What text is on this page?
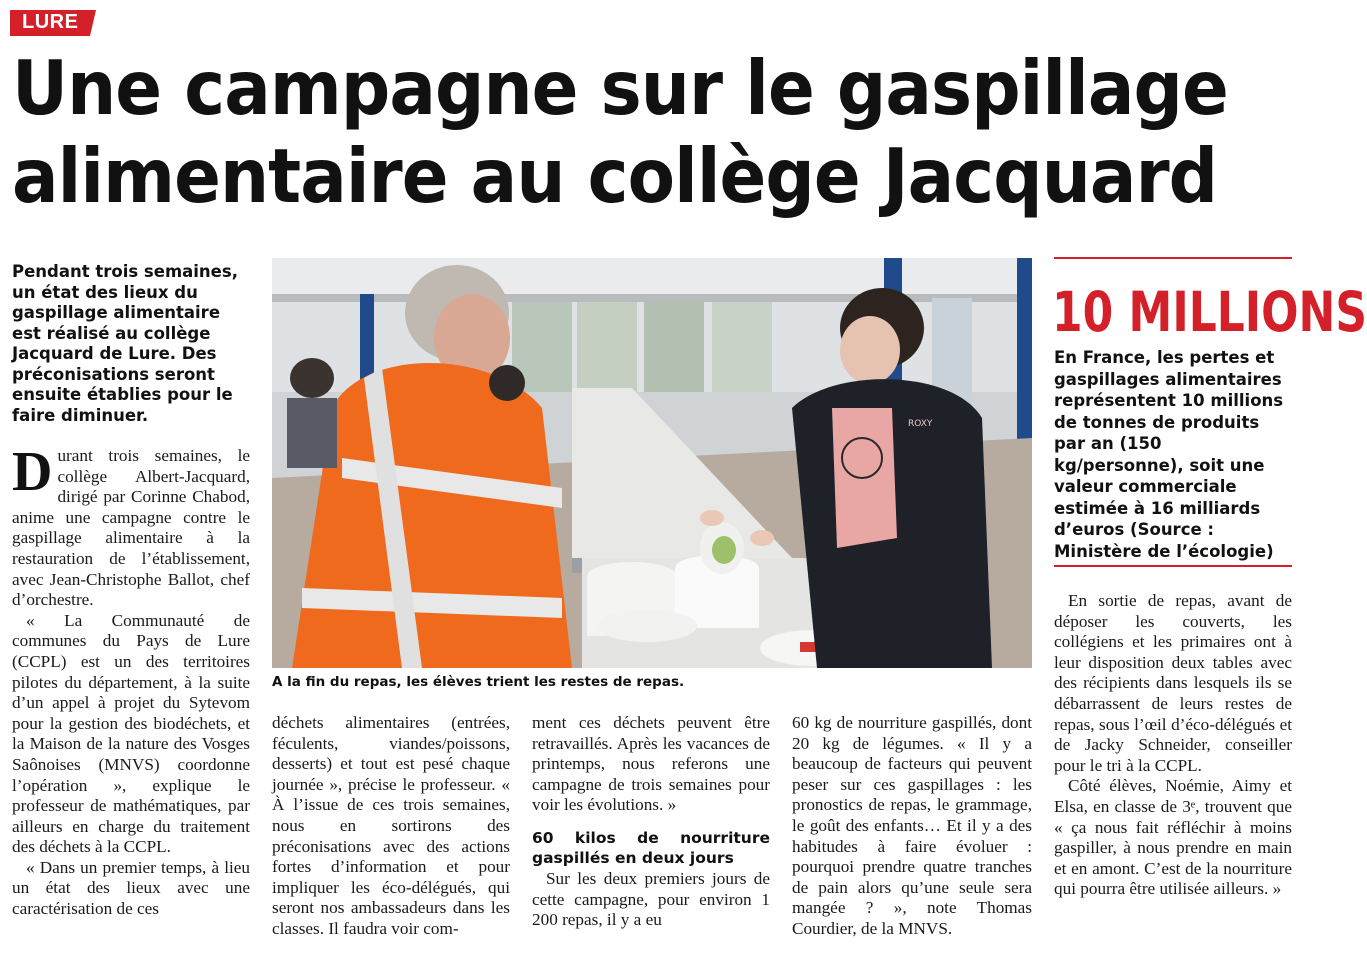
LURE
Une campagne sur le gaspillage
alimentaire au collège Jacquard
Pendant trois semaines, un état des lieux du gaspillage alimentaire est réalisé au collège Jacquard de Lure. Des préconisations seront ensuite établies pour le faire diminuer.

D urant trois semaines, le collège Albert-Jacquard, dirigé par Corinne Chabod, anime une campagne contre le gaspillage alimentaire à la restauration de l’établissement, avec Jean-Christophe Ballot, chef d’orchestre.

« La Communauté de communes du Pays de Lure (CCPL) est un des territoires pilotes du département, à la suite d’un appel à projet du Sytevom pour la gestion des biodéchets, et la Maison de la nature des Vosges Saônoises (MNVS) coordonne l’opération », explique le professeur de mathématiques, par ailleurs en charge du traitement des déchets à la CCPL.

« Dans un premier temps, à lieu un état des lieux avec une caractérisation de ces

ROXY
A la fin du repas, les élèves trient les restes de repas.

déchets alimentaires (entrées, féculents, viandes/poissons, desserts) et tout est pesé chaque journée », précise le professeur. « À l’issue de ces trois semaines, nous en sortirons des préconisations avec des actions fortes d’information et pour impliquer les éco-délégués, qui seront nos ambassadeurs dans les classes. Il faudra voir com-

ment ces déchets peuvent être retravaillés. Après les vacances de printemps, nous referons une campagne de trois semaines pour voir les évolutions. »

60 kilos de nourriture gaspillés en deux jours

Sur les deux premiers jours de cette campagne, pour environ 1 200 repas, il y a eu

60 kg de nourriture gaspillés, dont 20 kg de légumes. « Il y a beaucoup de facteurs qui peuvent peser sur ces gaspillages : les pronostics de repas, le grammage, le goût des enfants… Et il y a des habitudes à faire évoluer : pourquoi prendre quatre tranches de pain alors qu’une seule sera mangée ? », note Thomas Courdier, de la MNVS.

10 MILLIONS
En France, les pertes et gaspillages alimentaires représentent 10 millions de tonnes de produits par an (150 kg/personne), soit une valeur commerciale estimée à 16 milliards d’euros (Source : Ministère de l’écologie)

En sortie de repas, avant de déposer les couverts, les collégiens et les primaires ont à leur disposition deux tables avec des récipients dans lesquels ils se débarrassent de leurs restes de repas, sous l’œil d’éco-délégués et de Jacky Schneider, conseiller pour le tri à la CCPL.

Côté élèves, Noémie, Aimy et Elsa, en classe de 3ᵉ, trouvent que « ça nous fait réfléchir à moins gaspiller, à nous prendre en main et en amont. C’est de la nourriture qui pourra être utilisée ailleurs. »
